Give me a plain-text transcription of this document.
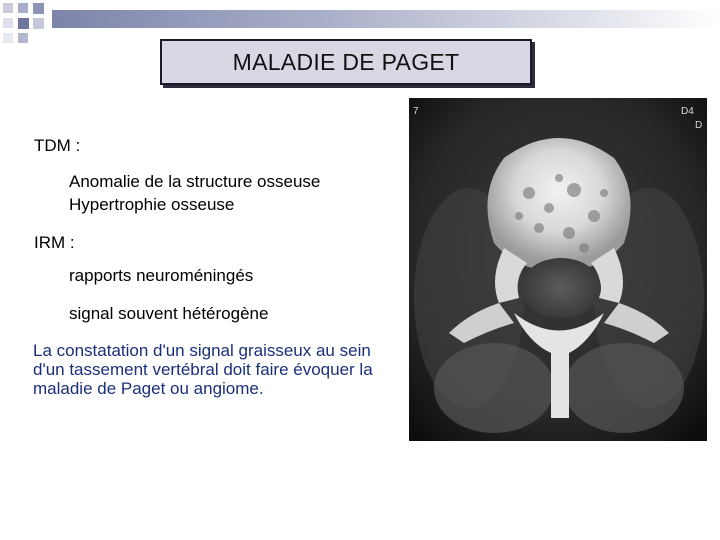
MALADIE DE PAGET
TDM :
Anomalie de la structure osseuse
Hypertrophie osseuse
IRM :
rapports neuroméningés
signal souvent hétérogène
La constatation d'un signal graisseux au sein d'un tassement vertébral doit faire évoquer la maladie de Paget ou angiome.
7	D4
D
